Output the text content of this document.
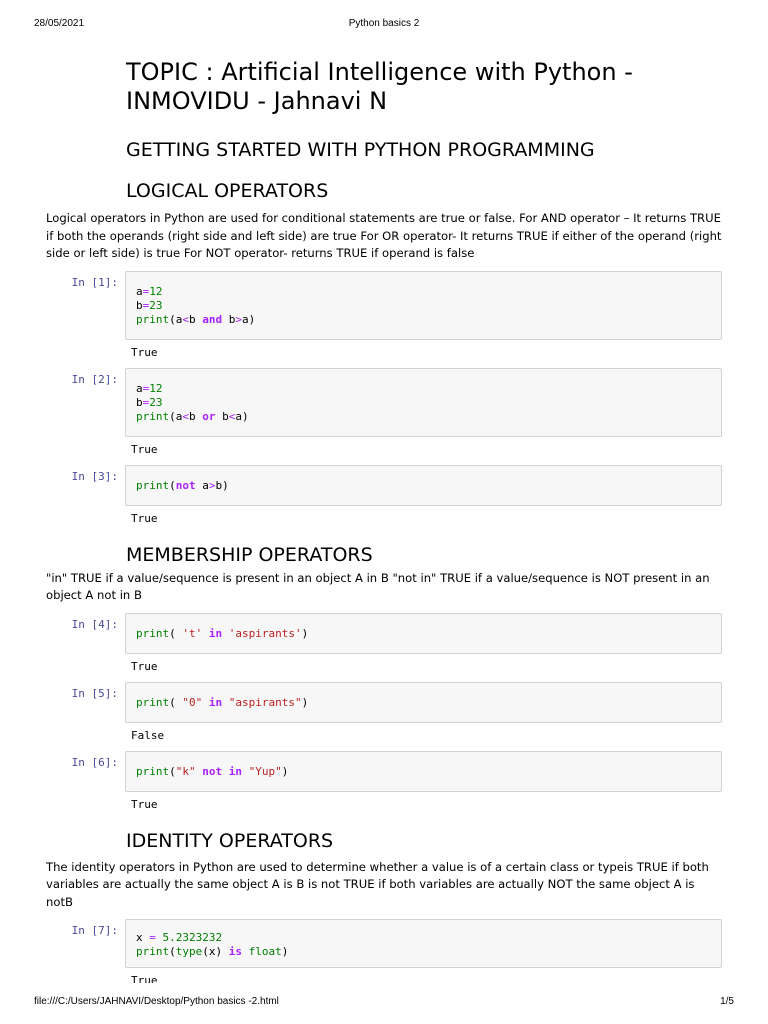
28/05/2021	Python basics 2
TOPIC : Artificial Intelligence with Python -
INMOVIDU - Jahnavi N
GETTING STARTED WITH PYTHON PROGRAMMING
LOGICAL OPERATORS

Logical operators in Python are used for conditional statements are true or false. For AND operator – It returns TRUE if both the operands (right side and left side) are true For OR operator- It returns TRUE if either of the operand (right side or left side) is true For NOT operator- returns TRUE if operand is false

In [1]:
a=12
b=23
print(a<b and b>a)
True
In [2]:
a=12
b=23
print(a<b or b<a)
True
In [3]:
print(not a>b)
True
MEMBERSHIP OPERATORS

"in" TRUE if a value/sequence is present in an object A in B "not in" TRUE if a value/sequence is NOT present in an object A not in B

In [4]:
print( 't' in 'aspirants')
True
In [5]:
print( "0" in "aspirants")
False
In [6]:
print("k" not in "Yup")
True
IDENTITY OPERATORS

The identity operators in Python are used to determine whether a value is of a certain class or typeis TRUE if both variables are actually the same object A is B is not TRUE if both variables are actually NOT the same object A is notB

In [7]:
x = 5.2323232
print(type(x) is float)
True
file:///C:/Users/JAHNAVI/Desktop/Python basics -2.html	1/5
